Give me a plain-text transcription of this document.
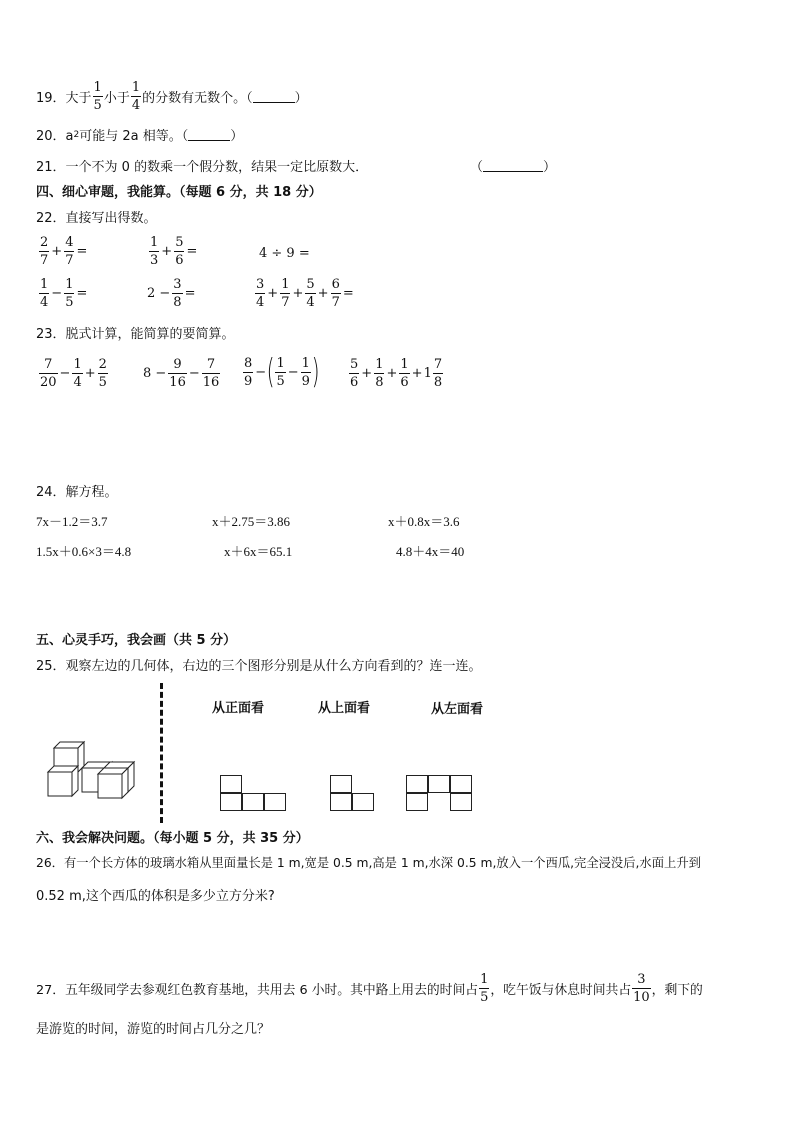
19．大于 $\frac{1}{5}$ 小于 $\frac{1}{4}$ 的分数有无数个。（	）
20．a 2 可能与 2a 相等。（	）
21．一个不为 0 的数乘一个假分数，结果一定比原数大．	（	）
四、细心审题，我能算。（每题 6 分，共 18 分）
22．直接写出得数。
$\frac{2}{7} + \frac{4}{7}$ =	$\frac{1}{3} + \frac{5}{6}$ =	4 ÷ 9 =
$\frac{1}{4} - \frac{1}{5}$ =	$2 - \frac{3}{8}$ =	$\frac{3}{4} + \frac{1}{7} + \frac{5}{4} + \frac{6}{7}$ =
23．脱式计算，能简算的要简算。
$\frac{7}{20} - \frac{1}{4} + \frac{2}{5}$	$8 - \frac{9}{16} - \frac{7}{16} \frac{8}{9}$ − ( $\frac{1}{5} - \frac{1}{9}$ ) $\frac{5}{6} + \frac{1}{8} + \frac{1}{6} + 1 \frac{7}{8}$
24．解方程。
7x－1.2＝3.7	x＋2.75＝3.86	x＋0.8x＝3.6
1.5x＋0.6×3＝4.8	x＋6x＝65.1	4.8＋4x＝40
五、心灵手巧，我会画（共 5 分）
25．观察左边的几何体，右边的三个图形分别是从什么方向看到的？连一连。
从正面看	从上面看	从左面看
六、我会解决问题。（每小题 5 分，共 35 分）
26．有一个长方体的玻璃水箱从里面量长是 1 m,宽是 0.5 m,高是 1 m,水深 0.5 m,放入一个西瓜,完全浸没后,水面上升到
0.52 m,这个西瓜的体积是多少立方分米?
27．五年级同学去参观红色教育基地，共用去 6 小时。其中路上用去的时间占 $\frac{1}{5}$ ，吃午饭与休息时间共占 $\frac{3}{10}$ ，剩下的
是游览的时间，游览的时间占几分之几？
